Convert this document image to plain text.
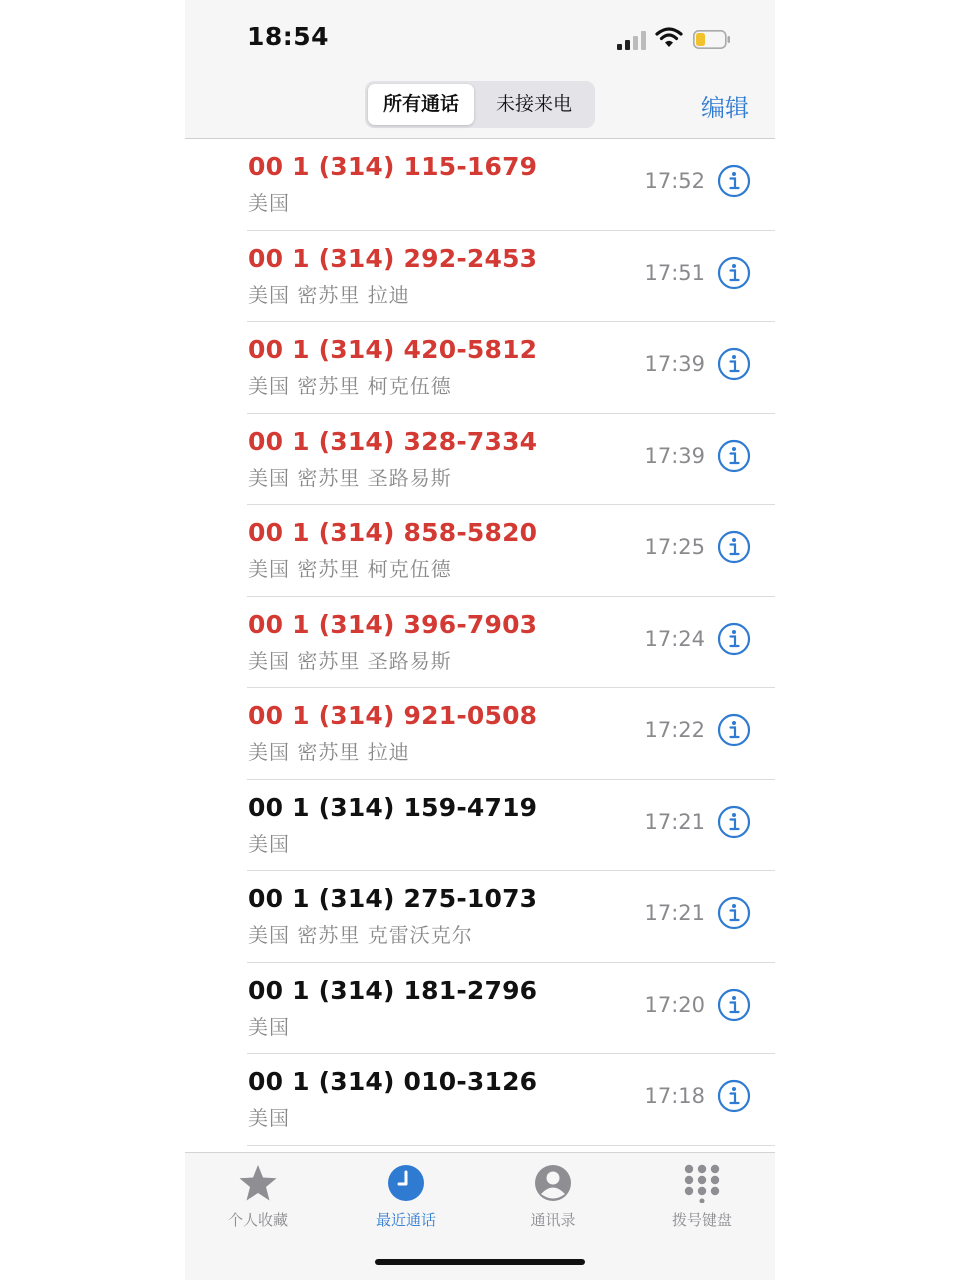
18:54
所有通话	未接来电	编辑
00 1 (314) 115-1679
美国
17:52
00 1 (314) 292-2453
美国 密苏里 拉迪
17:51
00 1 (314) 420-5812
美国 密苏里 柯克伍德
17:39
00 1 (314) 328-7334
美国 密苏里 圣路易斯
17:39
00 1 (314) 858-5820
美国 密苏里 柯克伍德
17:25
00 1 (314) 396-7903
美国 密苏里 圣路易斯
17:24
00 1 (314) 921-0508
美国 密苏里 拉迪
17:22
00 1 (314) 159-4719
美国
17:21
00 1 (314) 275-1073
美国 密苏里 克雷沃克尔
17:21
00 1 (314) 181-2796
美国
17:20
00 1 (314) 010-3126
美国
17:18
个人收藏	最近通话	通讯录	拨号键盘
